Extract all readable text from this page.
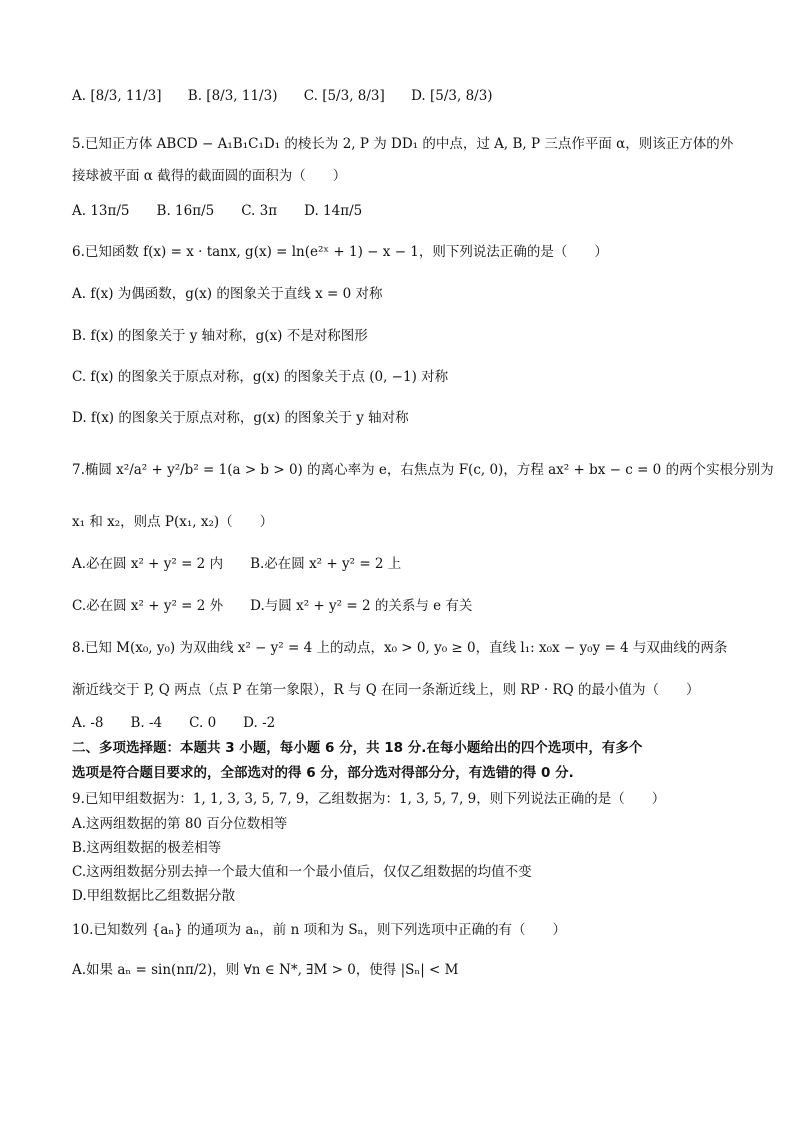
A. [8/3, 11/3] B. [8/3, 11/3) C. [5/3, 8/3] D. [5/3, 8/3)
5.已知正方体 ABCD − A₁B₁C₁D₁ 的棱长为 2, P 为 DD₁ 的中点，过 A, B, P 三点作平面 α，则该正方体的外
接球被平面 α 截得的截面圆的面积为（　　）
A. 13π/5　　B. 16π/5　　C. 3π　　D. 14π/5
6.已知函数 f(x) = x · tanx, g(x) = ln(e²ˣ + 1) − x − 1，则下列说法正确的是（　　）
A. f(x) 为偶函数，g(x) 的图象关于直线 x = 0 对称
B. f(x) 的图象关于 y 轴对称，g(x) 不是对称图形
C. f(x) 的图象关于原点对称，g(x) 的图象关于点 (0, −1) 对称
D. f(x) 的图象关于原点对称，g(x) 的图象关于 y 轴对称
7.椭圆 x²/a² + y²/b² = 1(a > b > 0) 的离心率为 e，右焦点为 F(c, 0)，方程 ax² + bx − c = 0 的两个实根分别为
x₁ 和 x₂，则点 P(x₁, x₂)（　　）
A.必在圆 x² + y² = 2 内　　B.必在圆 x² + y² = 2 上
C.必在圆 x² + y² = 2 外　　D.与圆 x² + y² = 2 的关系与 e 有关
8.已知 M(x₀, y₀) 为双曲线 x² − y² = 4 上的动点，x₀ > 0, y₀ ≥ 0，直线 l₁: x₀x − y₀y = 4 与双曲线的两条
渐近线交于 P, Q 两点（点 P 在第一象限），R 与 Q 在同一条渐近线上，则 RP · RQ 的最小值为（　　）
A. -8　　B. -4　　C. 0　　D. -2
二、多项选择题：本题共 3 小题，每小题 6 分，共 18 分.在每小题给出的四个选项中，有多个
选项是符合题目要求的，全部选对的得 6 分，部分选对得部分分，有选错的得 0 分.
9.已知甲组数据为：1, 1, 3, 3, 5, 7, 9，乙组数据为：1, 3, 5, 7, 9，则下列说法正确的是（　　）
A.这两组数据的第 80 百分位数相等
B.这两组数据的极差相等
C.这两组数据分别去掉一个最大值和一个最小值后，仅仅乙组数据的均值不变
D.甲组数据比乙组数据分散
10.已知数列 {aₙ} 的通项为 aₙ，前 n 项和为 Sₙ，则下列选项中正确的有（　　）
A.如果 aₙ = sin(nπ/2)，则 ∀n ∈ N*, ∃M > 0，使得 |Sₙ| < M
